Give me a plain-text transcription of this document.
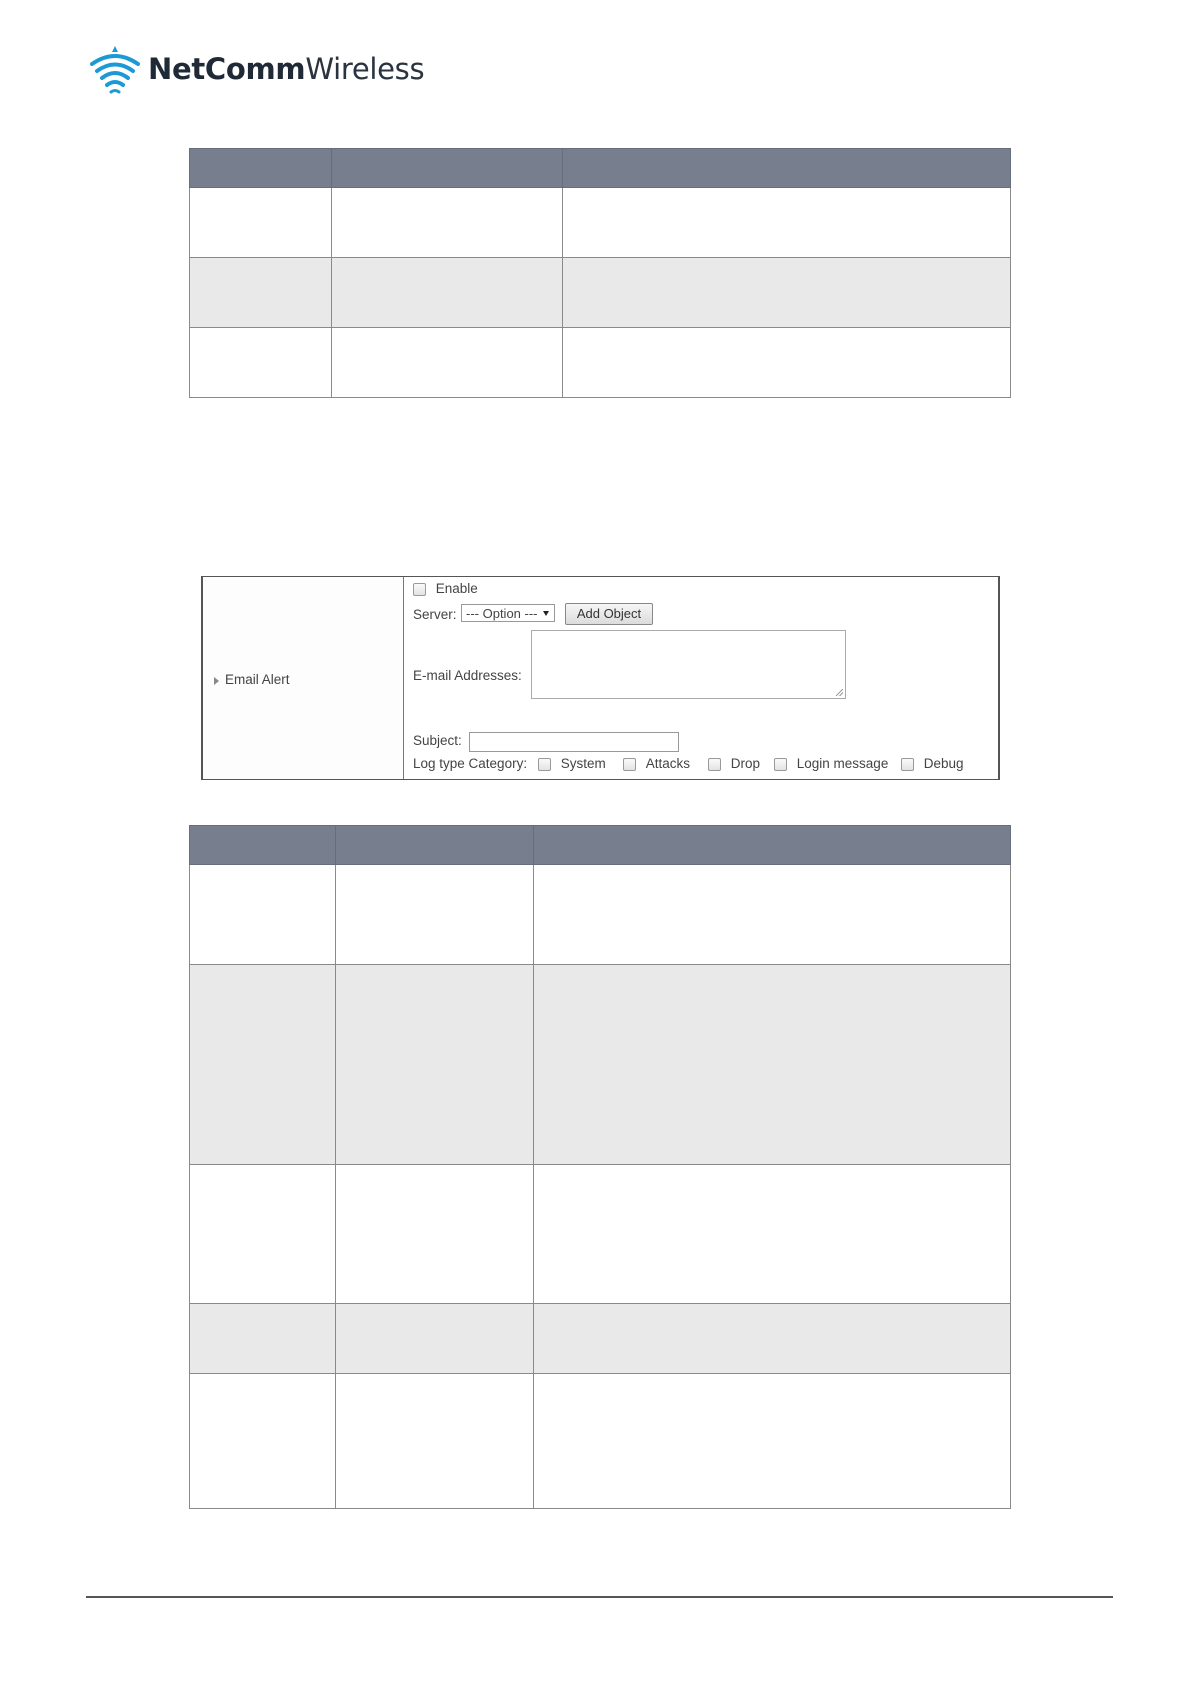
NetCommWireless

Email Alert
Enable
Server: --- Option ---	Add Object
E-mail Addresses:
Subject:
Log type Category:	System	Attacks	Drop	Login message	Debug
